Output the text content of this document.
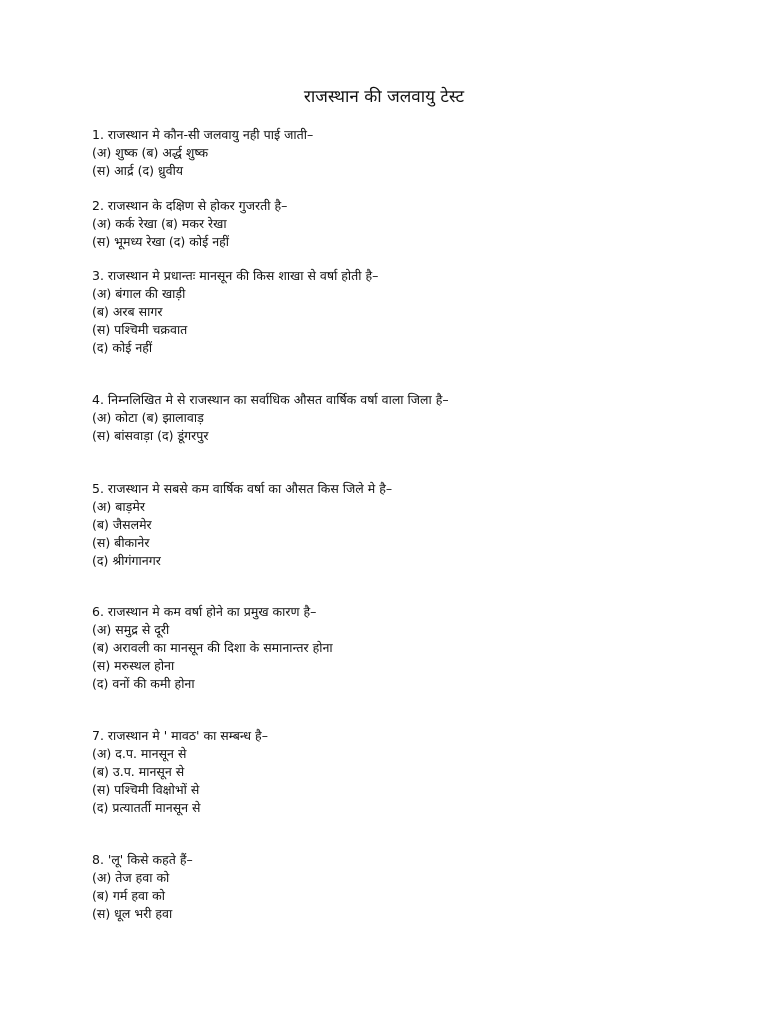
राजस्थान की जलवायु टेस्ट
1. राजस्थान मे कौन-सी जलवायु नही पाई जाती–
(अ) शुष्क (ब) अर्द्ध शुष्क
(स) आर्द्र (द) ध्रुवीय
2. राजस्थान के दक्षिण से होकर गुजरती है–
(अ) कर्क रेखा (ब) मकर रेखा
(स) भूमध्य रेखा (द) कोई नहीं
3. राजस्थान मे प्रधान्तः मानसून की किस शाखा से वर्षा होती है–
(अ) बंगाल की खाड़ी
(ब) अरब सागर
(स) पश्चिमी चक्रवात
(द) कोई नहीं
4. निम्नलिखित मे से राजस्थान का सर्वाधिक औसत वार्षिक वर्षा वाला जिला है–
(अ) कोटा (ब) झालावाड़
(स) बांसवाड़ा (द) डूंगरपुर
5. राजस्थान मे सबसे कम वार्षिक वर्षा का औसत किस जिले मे है–
(अ) बाड़मेर
(ब) जैसलमेर
(स) बीकानेर
(द) श्रीगंगानगर
6. राजस्थान मे कम वर्षा होने का प्रमुख कारण है–
(अ) समुद्र से दूरी
(ब) अरावली का मानसून की दिशा के समानान्तर होना
(स) मरुस्थल होना
(द) वनों की कमी होना
7. राजस्थान मे ' मावठ' का सम्बन्ध है–
(अ) द.प. मानसून से
(ब) उ.प. मानसून से
(स) पश्चिमी विक्षोभों से
(द) प्रत्यातर्ती मानसून से
8. 'लू' किसे कहते हैं–
(अ) तेज हवा को
(ब) गर्म हवा को
(स) धूल भरी हवा
